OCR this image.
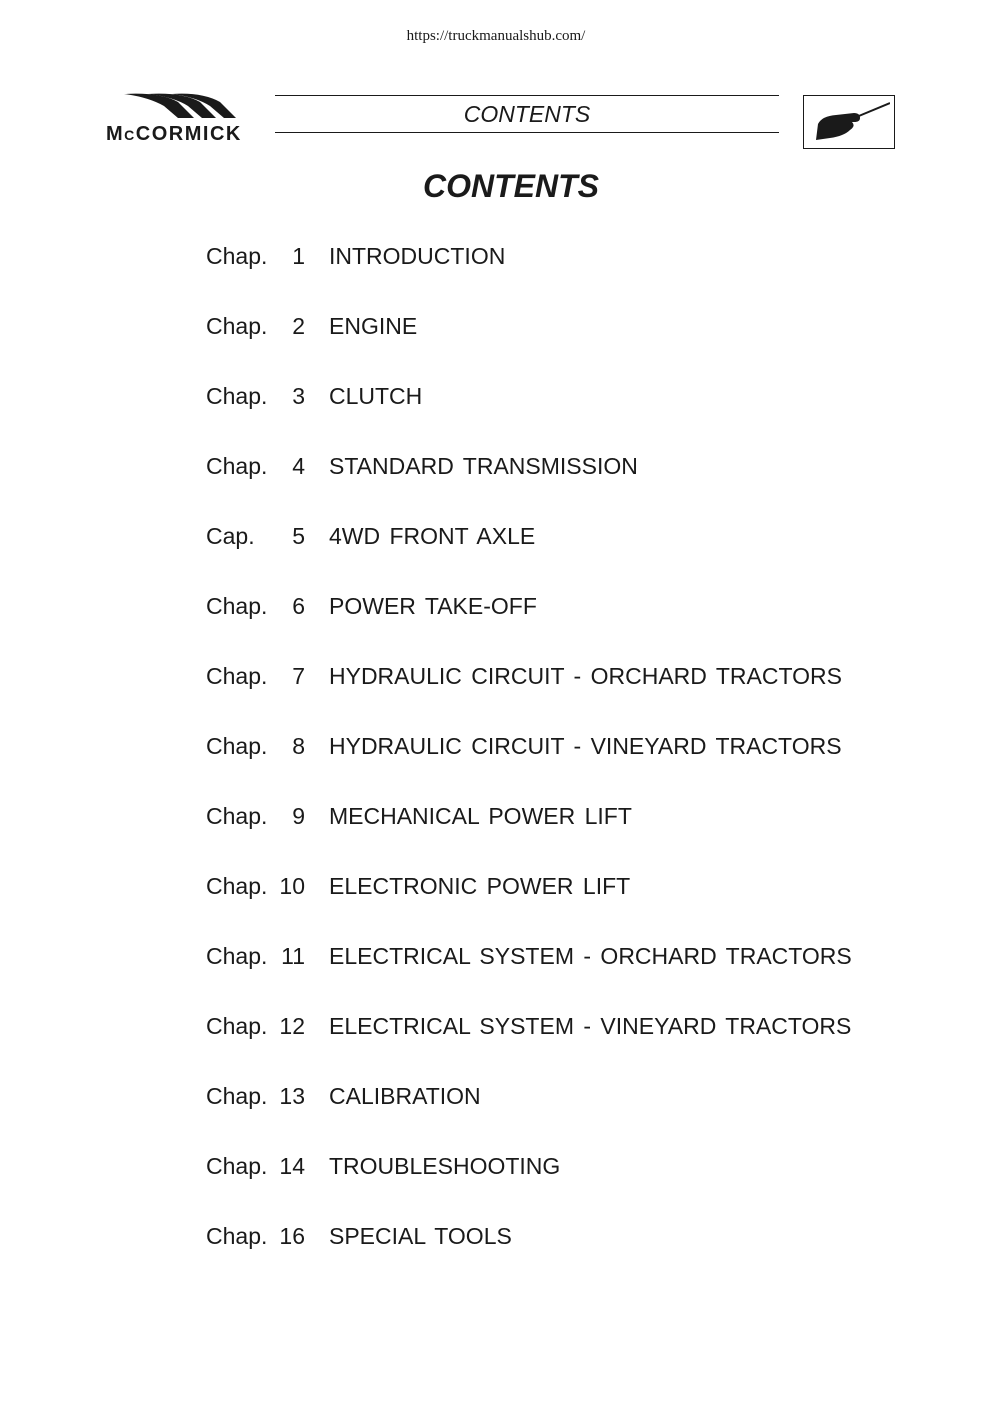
https://truckmanualshub.com/
MCCORMICK
CONTENTS
CONTENTS
Chap.	1 INTRODUCTION
Chap.	2 ENGINE
Chap.	3 CLUTCH
Chap.	4 STANDARD TRANSMISSION
Cap.	5 4WD FRONT AXLE
Chap.	6 POWER TAKE-OFF
Chap.	7 HYDRAULIC CIRCUIT - ORCHARD TRACTORS
Chap.	8 HYDRAULIC CIRCUIT - VINEYARD TRACTORS
Chap.	9 MECHANICAL POWER LIFT
Chap. 10 ELECTRONIC POWER LIFT
Chap. 11 ELECTRICAL SYSTEM - ORCHARD TRACTORS
Chap. 12 ELECTRICAL SYSTEM - VINEYARD TRACTORS
Chap. 13 CALIBRATION
Chap. 14 TROUBLESHOOTING
Chap. 16 SPECIAL TOOLS
